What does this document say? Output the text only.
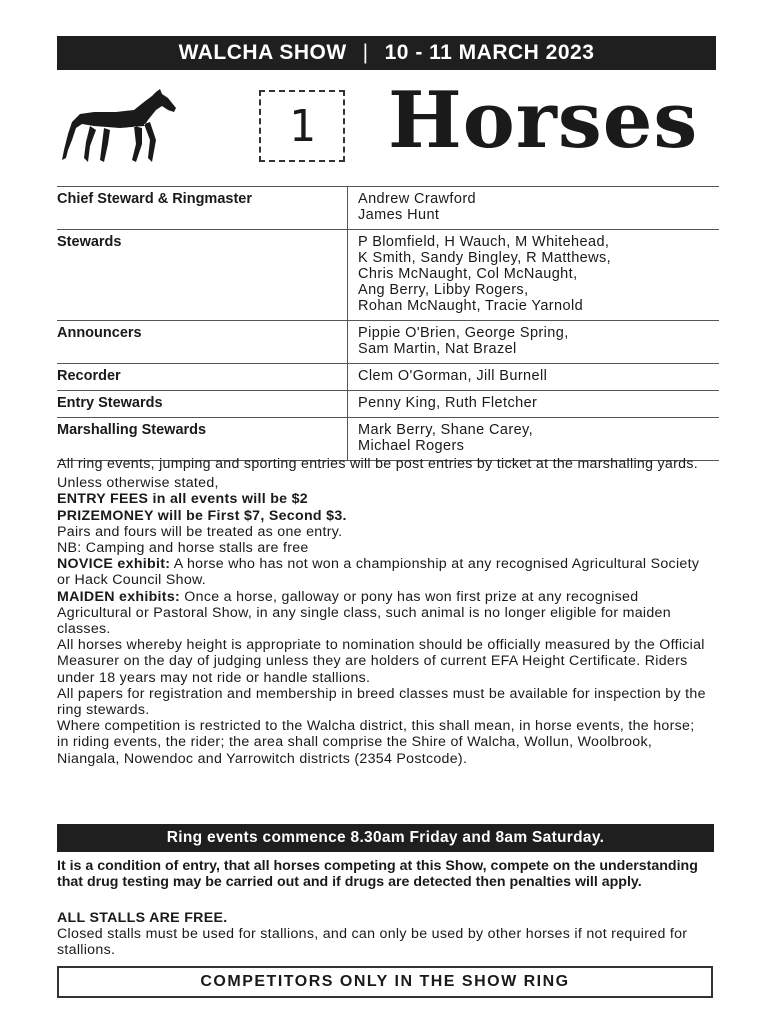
WALCHA SHOW | 10 - 11 MARCH 2023
1 Horses
Chief Steward & Ringmaster	Andrew Crawford
James Hunt

Stewards	P Blomfield, H Wauch, M Whitehead,
K Smith, Sandy Bingley, R Matthews,
Chris McNaught, Col McNaught,
Ang Berry, Libby Rogers,
Rohan McNaught, Tracie Yarnold

Announcers	Pippie O'Brien, George Spring,
Sam Martin, Nat Brazel

Recorder	Clem O'Gorman, Jill Burnell

Entry Stewards	Penny King, Ruth Fletcher

Marshalling Stewards	Mark Berry, Shane Carey,
Michael Rogers

All ring events, jumping and sporting entries will be post entries by ticket at the marshalling yards.

Unless otherwise stated,

ENTRY FEES in all events will be $2

PRIZEMONEY will be First $7, Second $3.

Pairs and fours will be treated as one entry.

NB: Camping and horse stalls are free

NOVICE exhibit: A horse who has not won a championship at any recognised Agricultural Society or Hack Council Show.

MAIDEN exhibits: Once a horse, galloway or pony has won first prize at any recognised Agricultural or Pastoral Show, in any single class, such animal is no longer eligible for maiden classes.

All horses whereby height is appropriate to nomination should be officially measured by the Official Measurer on the day of judging unless they are holders of current EFA Height Certificate. Riders under 18 years may not ride or handle stallions.

All papers for registration and membership in breed classes must be available for inspection by the ring stewards.

Where competition is restricted to the Walcha district, this shall mean, in horse events, the horse; in riding events, the rider; the area shall comprise the Shire of Walcha, Wollun, Woolbrook, Niangala, Nowendoc and Yarrowitch districts (2354 Postcode).

Ring events commence 8.30am Friday and 8am Saturday.

It is a condition of entry, that all horses competing at this Show, compete on the understanding that drug testing may be carried out and if drugs are detected then penalties will apply.

ALL STALLS ARE FREE.

Closed stalls must be used for stallions, and can only be used by other horses if not required for stallions.

COMPETITORS ONLY IN THE SHOW RING
